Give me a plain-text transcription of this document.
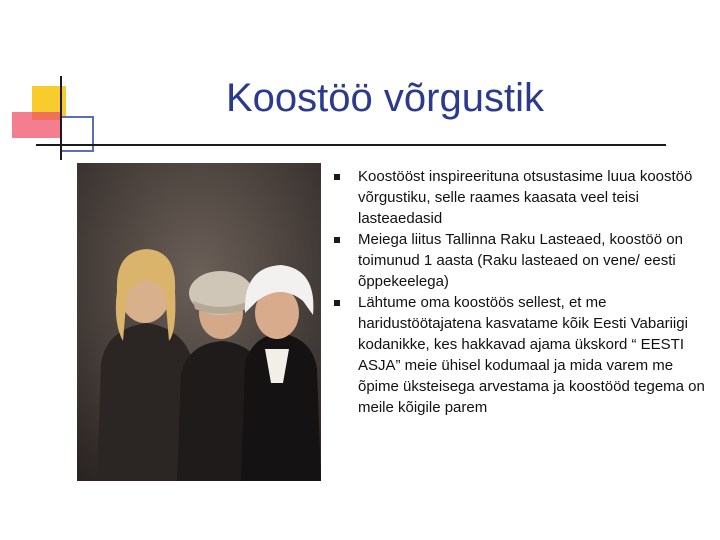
Koostöö võrgustik
Koostööst inspireerituna otsustasime luua koostöö võrgustiku, selle raames kaasata veel teisi lasteaedasid
Meiega liitus Tallinna Raku Lasteaed, koostöö on toimunud 1 aasta (Raku lasteaed on vene/ eesti õppekeelega)
Lähtume oma koostöös sellest, et me haridustöötajatena kasvatame kõik Eesti Vabariigi kodanikke, kes hakkavad ajama ükskord “ EESTI ASJA” meie ühisel kodumaal ja mida varem me õpime üksteisega arvestama ja koostööd tegema on meile kõigile parem
